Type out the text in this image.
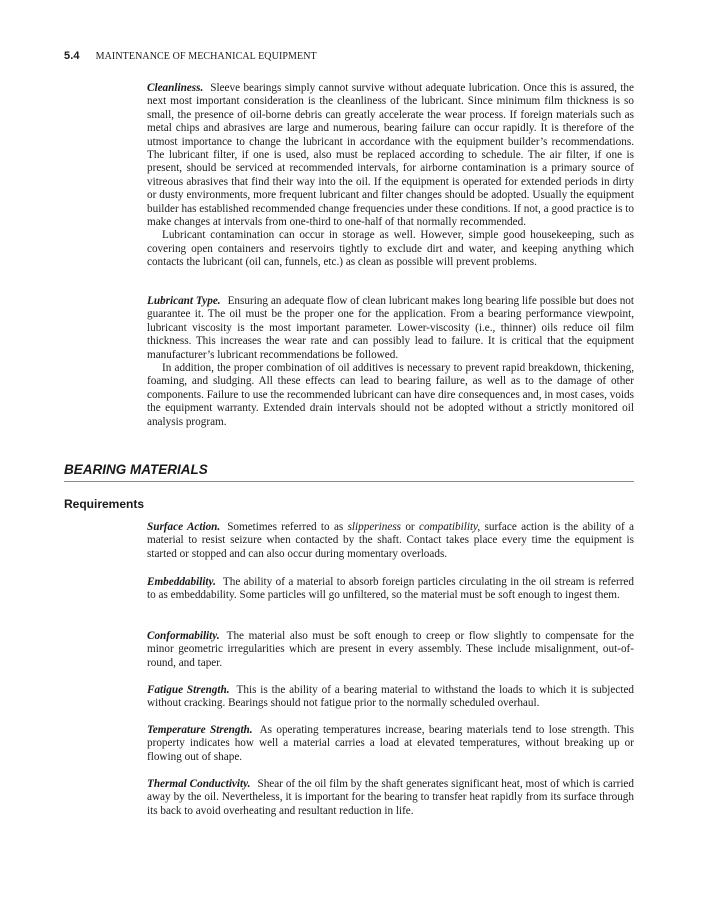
5.4 MAINTENANCE OF MECHANICAL EQUIPMENT

Cleanliness. Sleeve bearings simply cannot survive without adequate lubrication. Once this is assured, the next most important consideration is the cleanliness of the lubricant. Since minimum film thickness is so small, the presence of oil-borne debris can greatly accelerate the wear process. If foreign materials such as metal chips and abrasives are large and numerous, bearing failure can occur rapidly. It is therefore of the utmost importance to change the lubricant in accordance with the equipment builder’s recommendations. The lubricant filter, if one is used, also must be replaced according to schedule. The air filter, if one is present, should be serviced at recommended intervals, for airborne contamination is a primary source of vitreous abrasives that find their way into the oil. If the equipment is operated for extended periods in dirty or dusty environments, more frequent lubricant and filter changes should be adopted. Usually the equipment builder has established recommended change frequencies under these conditions. If not, a good practice is to make changes at intervals from one-third to one-half of that normally recommended.

Lubricant contamination can occur in storage as well. However, simple good housekeeping, such as covering open containers and reservoirs tightly to exclude dirt and water, and keeping anything which contacts the lubricant (oil can, funnels, etc.) as clean as possible will prevent problems.

Lubricant Type. Ensuring an adequate flow of clean lubricant makes long bearing life possible but does not guarantee it. The oil must be the proper one for the application. From a bearing performance viewpoint, lubricant viscosity is the most important parameter. Lower-viscosity (i.e., thinner) oils reduce oil film thickness. This increases the wear rate and can possibly lead to failure. It is critical that the equipment manufacturer’s lubricant recommendations be followed.

In addition, the proper combination of oil additives is necessary to prevent rapid breakdown, thickening, foaming, and sludging. All these effects can lead to bearing failure, as well as to the damage of other components. Failure to use the recommended lubricant can have dire consequences and, in most cases, voids the equipment warranty. Extended drain intervals should not be adopted without a strictly monitored oil analysis program.

BEARING MATERIALS
Requirements

Surface Action. Sometimes referred to as slipperiness or compatibility, surface action is the ability of a material to resist seizure when contacted by the shaft. Contact takes place every time the equipment is started or stopped and can also occur during momentary overloads.

Embeddability. The ability of a material to absorb foreign particles circulating in the oil stream is referred to as embeddability. Some particles will go unfiltered, so the material must be soft enough to ingest them.

Conformability. The material also must be soft enough to creep or flow slightly to compensate for the minor geometric irregularities which are present in every assembly. These include misalignment, out-of-round, and taper.

Fatigue Strength. This is the ability of a bearing material to withstand the loads to which it is subjected without cracking. Bearings should not fatigue prior to the normally scheduled overhaul.

Temperature Strength. As operating temperatures increase, bearing materials tend to lose strength. This property indicates how well a material carries a load at elevated temperatures, without breaking up or flowing out of shape.

Thermal Conductivity. Shear of the oil film by the shaft generates significant heat, most of which is carried away by the oil. Nevertheless, it is important for the bearing to transfer heat rapidly from its surface through its back to avoid overheating and resultant reduction in life.
